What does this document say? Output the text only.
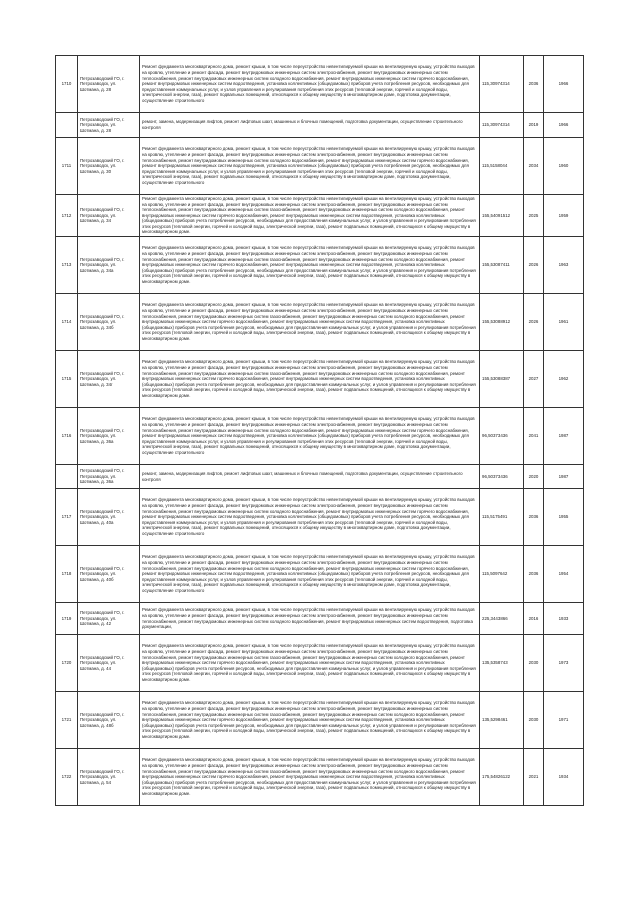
1710	Петрозаводский ГО, г. Петрозаводск, ул. Шотмана, д. 28	Ремонт фундамента многоквартирного дома, ремонт крыши, в том числе переустройство невентилируемой крыши на вентилируемую крышу, устройство выходов на кровлю, утепление и ремонт фасада, ремонт внутридомовых инженерных систем электроснабжения, ремонт внутридомовых инженерных систем теплоснабжения, ремонт внутридомовых инженерных систем холодного водоснабжения, ремонт внутридомовых инженерных систем горячего водоснабжения, ремонт внутридомовых инженерных систем водоотведения, установка коллективных (общедомовых) приборов учета потребления ресурсов, необходимых для предоставления коммунальных услуг, и узлов управления и регулирования потребления этих ресурсов (тепловой энергии, горячей и холодной воды, электрической энергии, газа), ремонт подвальных помещений, относящихся к общему имуществу в многоквартирном доме, подготовка документации, осуществление строительного	115,30974314	2036	1966

	Петрозаводский ГО, г. Петрозаводск, ул. Шотмана, д. 28	ремонт, замена, модернизация лифтов, ремонт лифтовых шахт, машинных и блочных помещений, подготовка документации, осуществление строительного контроля	115,30974314	2019	1966

1711	Петрозаводский ГО, г. Петрозаводск, ул. Шотмана, д. 30	Ремонт фундамента многоквартирного дома, ремонт крыши, в том числе переустройство невентилируемой крыши на вентилируемую крышу, устройство выходов на кровлю, утепление и ремонт фасада, ремонт внутридомовых инженерных систем электроснабжения, ремонт внутридомовых инженерных систем теплоснабжения, ремонт внутридомовых инженерных систем холодного водоснабжения, ремонт внутридомовых инженерных систем горячего водоснабжения, ремонт внутридомовых инженерных систем водоотведения, установка коллективных (общедомовых) приборов учета потребления ресурсов, необходимых для предоставления коммунальных услуг, и узлов управления и регулирования потребления этих ресурсов (тепловой энергии, горячей и холодной воды, электрической энергии, газа), ремонт подвальных помещений, относящихся к общему имуществу в многоквартирном доме, подготовка документации, осуществление строительного	115,5158044	2034	1960

1712	Петрозаводский ГО, г. Петрозаводск, ул. Шотмана, д. 34	Ремонт фундамента многоквартирного дома, ремонт крыши, в том числе переустройство невентилируемой крыши на вентилируемую крышу, устройство выходов на кровлю, утепление и ремонт фасада, ремонт внутридомовых инженерных систем электроснабжения, ремонт внутридомовых инженерных систем теплоснабжения, ремонт внутридомовых инженерных систем газоснабжения, ремонт внутридомовых инженерных систем холодного водоснабжения, ремонт внутридомовых инженерных систем горячего водоснабжения, ремонт внутридомовых инженерных систем водоотведения, установка коллективных (общедомовых) приборов учета потребления ресурсов, необходимых для предоставления коммунальных услуг, и узлов управления и регулирования потребления этих ресурсов (тепловой энергии, горячей и холодной воды, электрической энергии, газа), ремонт подвальных помещений, относящихся к общему имуществу в многоквартирном доме.	155,54091512	2025	1959

1713	Петрозаводский ГО, г. Петрозаводск, ул. Шотмана, д. 34а	Ремонт фундамента многоквартирного дома, ремонт крыши, в том числе переустройство невентилируемой крыши на вентилируемую крышу, устройство выходов на кровлю, утепление и ремонт фасада, ремонт внутридомовых инженерных систем электроснабжения, ремонт внутридомовых инженерных систем теплоснабжения, ремонт внутридомовых инженерных систем газоснабжения, ремонт внутридомовых инженерных систем холодного водоснабжения, ремонт внутридомовых инженерных систем горячего водоснабжения, ремонт внутридомовых инженерных систем водоотведения, установка коллективных (общедомовых) приборов учета потребления ресурсов, необходимых для предоставления коммунальных услуг, и узлов управления и регулирования потребления этих ресурсов (тепловой энергии, горячей и холодной воды, электрической энергии, газа), ремонт подвальных помещений, относящихся к общему имуществу в многоквартирном доме.	155,53087411	2026	1963

1714	Петрозаводский ГО, г. Петрозаводск, ул. Шотмана, д. 34б	Ремонт фундамента многоквартирного дома, ремонт крыши, в том числе переустройство невентилируемой крыши на вентилируемую крышу, устройство выходов на кровлю, утепление и ремонт фасада, ремонт внутридомовых инженерных систем электроснабжения, ремонт внутридомовых инженерных систем теплоснабжения, ремонт внутридомовых инженерных систем газоснабжения, ремонт внутридомовых инженерных систем холодного водоснабжения, ремонт внутридомовых инженерных систем горячего водоснабжения, ремонт внутридомовых инженерных систем водоотведения, установка коллективных (общедомовых) приборов учета потребления ресурсов, необходимых для предоставления коммунальных услуг, и узлов управления и регулирования потребления этих ресурсов (тепловой энергии, горячей и холодной воды, электрической энергии, газа), ремонт подвальных помещений, относящихся к общему имуществу в многоквартирном доме.	155,53088912	2026	1961

1715	Петрозаводский ГО, г. Петрозаводск, ул. Шотмана, д. 34г	Ремонт фундамента многоквартирного дома, ремонт крыши, в том числе переустройство невентилируемой крыши на вентилируемую крышу, устройство выходов на кровлю, утепление и ремонт фасада, ремонт внутридомовых инженерных систем электроснабжения, ремонт внутридомовых инженерных систем теплоснабжения, ремонт внутридомовых инженерных систем газоснабжения, ремонт внутридомовых инженерных систем холодного водоснабжения, ремонт внутридомовых инженерных систем горячего водоснабжения, ремонт внутридомовых инженерных систем водоотведения, установка коллективных (общедомовых) приборов учета потребления ресурсов, необходимых для предоставления коммунальных услуг, и узлов управления и регулирования потребления этих ресурсов (тепловой энергии, горячей и холодной воды, электрической энергии, газа), ремонт подвальных помещений, относящихся к общему имуществу в многоквартирном доме.	155,53088387	2027	1962

1716	Петрозаводский ГО, г. Петрозаводск, ул. Шотмана, д. 36а	Ремонт фундамента многоквартирного дома, ремонт крыши, в том числе переустройство невентилируемой крыши на вентилируемую крышу, устройство выходов на кровлю, утепление и ремонт фасада, ремонт внутридомовых инженерных систем электроснабжения, ремонт внутридомовых инженерных систем теплоснабжения, ремонт внутридомовых инженерных систем холодного водоснабжения, ремонт внутридомовых инженерных систем горячего водоснабжения, ремонт внутридомовых инженерных систем водоотведения, установка коллективных (общедомовых) приборов учета потребления ресурсов, необходимых для предоставления коммунальных услуг, и узлов управления и регулирования потребления этих ресурсов (тепловой энергии, горячей и холодной воды, электрической энергии, газа), ремонт подвальных помещений, относящихся к общему имуществу в многоквартирном доме, подготовка документации, осуществление строительного	96,50373436	2041	1987

	Петрозаводский ГО, г. Петрозаводск, ул. Шотмана, д. 36а	ремонт, замена, модернизация лифтов, ремонт лифтовых шахт, машинных и блочных помещений, подготовка документации, осуществление строительного контроля	96,50373436	2020	1987

1717	Петрозаводский ГО, г. Петрозаводск, ул. Шотмана, д. 40а	Ремонт фундамента многоквартирного дома, ремонт крыши, в том числе переустройство невентилируемой крыши на вентилируемую крышу, устройство выходов на кровлю, утепление и ремонт фасада, ремонт внутридомовых инженерных систем электроснабжения, ремонт внутридомовых инженерных систем теплоснабжения, ремонт внутридомовых инженерных систем холодного водоснабжения, ремонт внутридомовых инженерных систем горячего водоснабжения, ремонт внутридомовых инженерных систем водоотведения, установка коллективных (общедомовых) приборов учета потребления ресурсов, необходимых для предоставления коммунальных услуг, и узлов управления и регулирования потребления этих ресурсов (тепловой энергии, горячей и холодной воды, электрической энергии, газа), ремонт подвальных помещений, относящихся к общему имуществу в многоквартирном доме, подготовка документации, осуществление строительного	115,5175491	2036	1955

1718	Петрозаводский ГО, г. Петрозаводск, ул. Шотмана, д. 40б	Ремонт фундамента многоквартирного дома, ремонт крыши, в том числе переустройство невентилируемой крыши на вентилируемую крышу, устройство выходов на кровлю, утепление и ремонт фасада, ремонт внутридомовых инженерных систем электроснабжения, ремонт внутридомовых инженерных систем теплоснабжения, ремонт внутридомовых инженерных систем холодного водоснабжения, ремонт внутридомовых инженерных систем горячего водоснабжения, ремонт внутридомовых инженерных систем водоотведения, установка коллективных (общедомовых) приборов учета потребления ресурсов, необходимых для предоставления коммунальных услуг, и узлов управления и регулирования потребления этих ресурсов (тепловой энергии, горячей и холодной воды, электрической энергии, газа), ремонт подвальных помещений, относящихся к общему имуществу в многоквартирном доме, подготовка документации, осуществление строительного	115,5097642	2036	1954

1719	Петрозаводский ГО, г. Петрозаводск, ул. Шотмана, д. 42	Ремонт фундамента многоквартирного дома, ремонт крыши, в том числе переустройство невентилируемой крыши на вентилируемую крышу, устройство выходов на кровлю, утепление и ремонт фасада, ремонт внутридомовых инженерных систем электроснабжения, ремонт внутридомовых инженерных систем теплоснабжения, ремонт внутридомовых инженерных систем холодного водоснабжения, ремонт внутридомовых инженерных систем водоотведения, подготовка документации,	225,3443866	2016	1933

1720	Петрозаводский ГО, г. Петрозаводск, ул. Шотмана, д. 44	Ремонт фундамента многоквартирного дома, ремонт крыши, в том числе переустройство невентилируемой крыши на вентилируемую крышу, устройство выходов на кровлю, утепление и ремонт фасада, ремонт внутридомовых инженерных систем электроснабжения, ремонт внутридомовых инженерных систем теплоснабжения, ремонт внутридомовых инженерных систем газоснабжения, ремонт внутридомовых инженерных систем холодного водоснабжения, ремонт внутридомовых инженерных систем горячего водоснабжения, ремонт внутридомовых инженерных систем водоотведения, установка коллективных (общедомовых) приборов учета потребления ресурсов, необходимых для предоставления коммунальных услуг, и узлов управления и регулирования потребления этих ресурсов (тепловой энергии, горячей и холодной воды, электрической энергии, газа), ремонт подвальных помещений, относящихся к общему имуществу в многоквартирном доме.	135,5358743	2030	1973

1721	Петрозаводский ГО, г. Петрозаводск, ул. Шотмана, д. 48б	Ремонт фундамента многоквартирного дома, ремонт крыши, в том числе переустройство невентилируемой крыши на вентилируемую крышу, устройство выходов на кровлю, утепление и ремонт фасада, ремонт внутридомовых инженерных систем электроснабжения, ремонт внутридомовых инженерных систем теплоснабжения, ремонт внутридомовых инженерных систем газоснабжения, ремонт внутридомовых инженерных систем холодного водоснабжения, ремонт внутридомовых инженерных систем горячего водоснабжения, ремонт внутридомовых инженерных систем водоотведения, установка коллективных (общедомовых) приборов учета потребления ресурсов, необходимых для предоставления коммунальных услуг, и узлов управления и регулирования потребления этих ресурсов (тепловой энергии, горячей и холодной воды, электрической энергии, газа), ремонт подвальных помещений, относящихся к общему имуществу в многоквартирном доме.	135,5298461	2030	1971

1722	Петрозаводский ГО, г. Петрозаводск, ул. Шотмана, д. 54	Ремонт фундамента многоквартирного дома, ремонт крыши, в том числе переустройство невентилируемой крыши на вентилируемую крышу, устройство выходов на кровлю, утепление и ремонт фасада, ремонт внутридомовых инженерных систем электроснабжения, ремонт внутридомовых инженерных систем теплоснабжения, ремонт внутридомовых инженерных систем газоснабжения, ремонт внутридомовых инженерных систем холодного водоснабжения, ремонт внутридомовых инженерных систем горячего водоснабжения, ремонт внутридомовых инженерных систем водоотведения, установка коллективных (общедомовых) приборов учета потребления ресурсов, необходимых для предоставления коммунальных услуг, и узлов управления и регулирования потребления этих ресурсов (тепловой энергии, горячей и холодной воды, электрической энергии, газа), ремонт подвальных помещений, относящихся к общему имуществу в многоквартирном доме.	175,54826122	2021	1934
